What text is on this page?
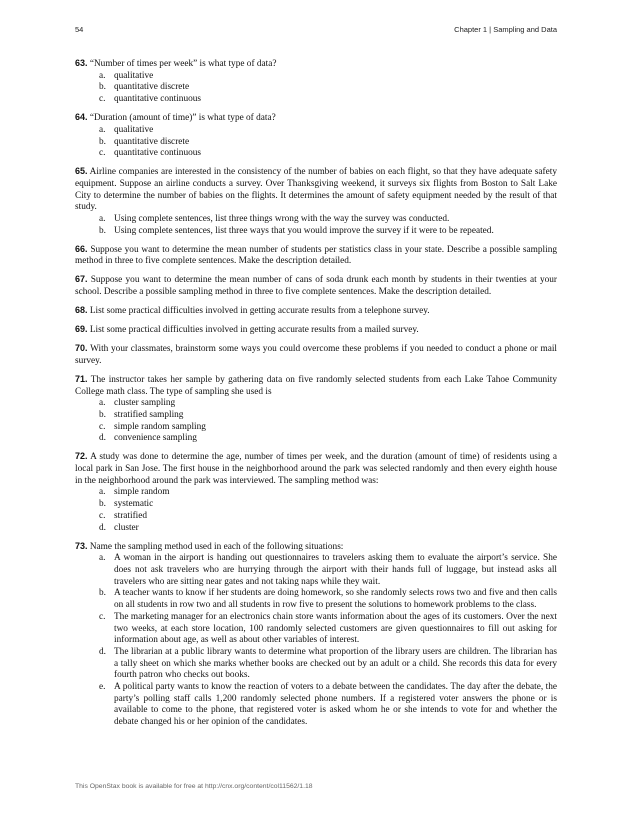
54	Chapter 1 | Sampling and Data

63. “Number of times per week” is what type of data?

a. qualitative
b. quantitative discrete
c. quantitative continuous

64. “Duration (amount of time)” is what type of data?

a. qualitative
b. quantitative discrete
c. quantitative continuous

65. Airline companies are interested in the consistency of the number of babies on each flight, so that they have adequate safety equipment. Suppose an airline conducts a survey. Over Thanksgiving weekend, it surveys six flights from Boston to Salt Lake City to determine the number of babies on the flights. It determines the amount of safety equipment needed by the result of that study.

a. Using complete sentences, list three things wrong with the way the survey was conducted.
b. Using complete sentences, list three ways that you would improve the survey if it were to be repeated.

66. Suppose you want to determine the mean number of students per statistics class in your state. Describe a possible sampling method in three to five complete sentences. Make the description detailed.

67. Suppose you want to determine the mean number of cans of soda drunk each month by students in their twenties at your school. Describe a possible sampling method in three to five complete sentences. Make the description detailed.

68. List some practical difficulties involved in getting accurate results from a telephone survey.

69. List some practical difficulties involved in getting accurate results from a mailed survey.

70. With your classmates, brainstorm some ways you could overcome these problems if you needed to conduct a phone or mail survey.

71. The instructor takes her sample by gathering data on five randomly selected students from each Lake Tahoe Community College math class. The type of sampling she used is

a. cluster sampling
b. stratified sampling
c. simple random sampling
d. convenience sampling

72. A study was done to determine the age, number of times per week, and the duration (amount of time) of residents using a local park in San Jose. The first house in the neighborhood around the park was selected randomly and then every eighth house in the neighborhood around the park was interviewed. The sampling method was:

a. simple random
b. systematic
c. stratified
d. cluster

73. Name the sampling method used in each of the following situations:

a. A woman in the airport is handing out questionnaires to travelers asking them to evaluate the airport’s service. She does not ask travelers who are hurrying through the airport with their hands full of luggage, but instead asks all travelers who are sitting near gates and not taking naps while they wait.
b. A teacher wants to know if her students are doing homework, so she randomly selects rows two and five and then calls on all students in row two and all students in row five to present the solutions to homework problems to the class.
c. The marketing manager for an electronics chain store wants information about the ages of its customers. Over the next two weeks, at each store location, 100 randomly selected customers are given questionnaires to fill out asking for information about age, as well as about other variables of interest.
d. The librarian at a public library wants to determine what proportion of the library users are children. The librarian has a tally sheet on which she marks whether books are checked out by an adult or a child. She records this data for every fourth patron who checks out books.
e. A political party wants to know the reaction of voters to a debate between the candidates. The day after the debate, the party’s polling staff calls 1,200 randomly selected phone numbers. If a registered voter answers the phone or is available to come to the phone, that registered voter is asked whom he or she intends to vote for and whether the debate changed his or her opinion of the candidates.
This OpenStax book is available for free at http://cnx.org/content/col11562/1.18
